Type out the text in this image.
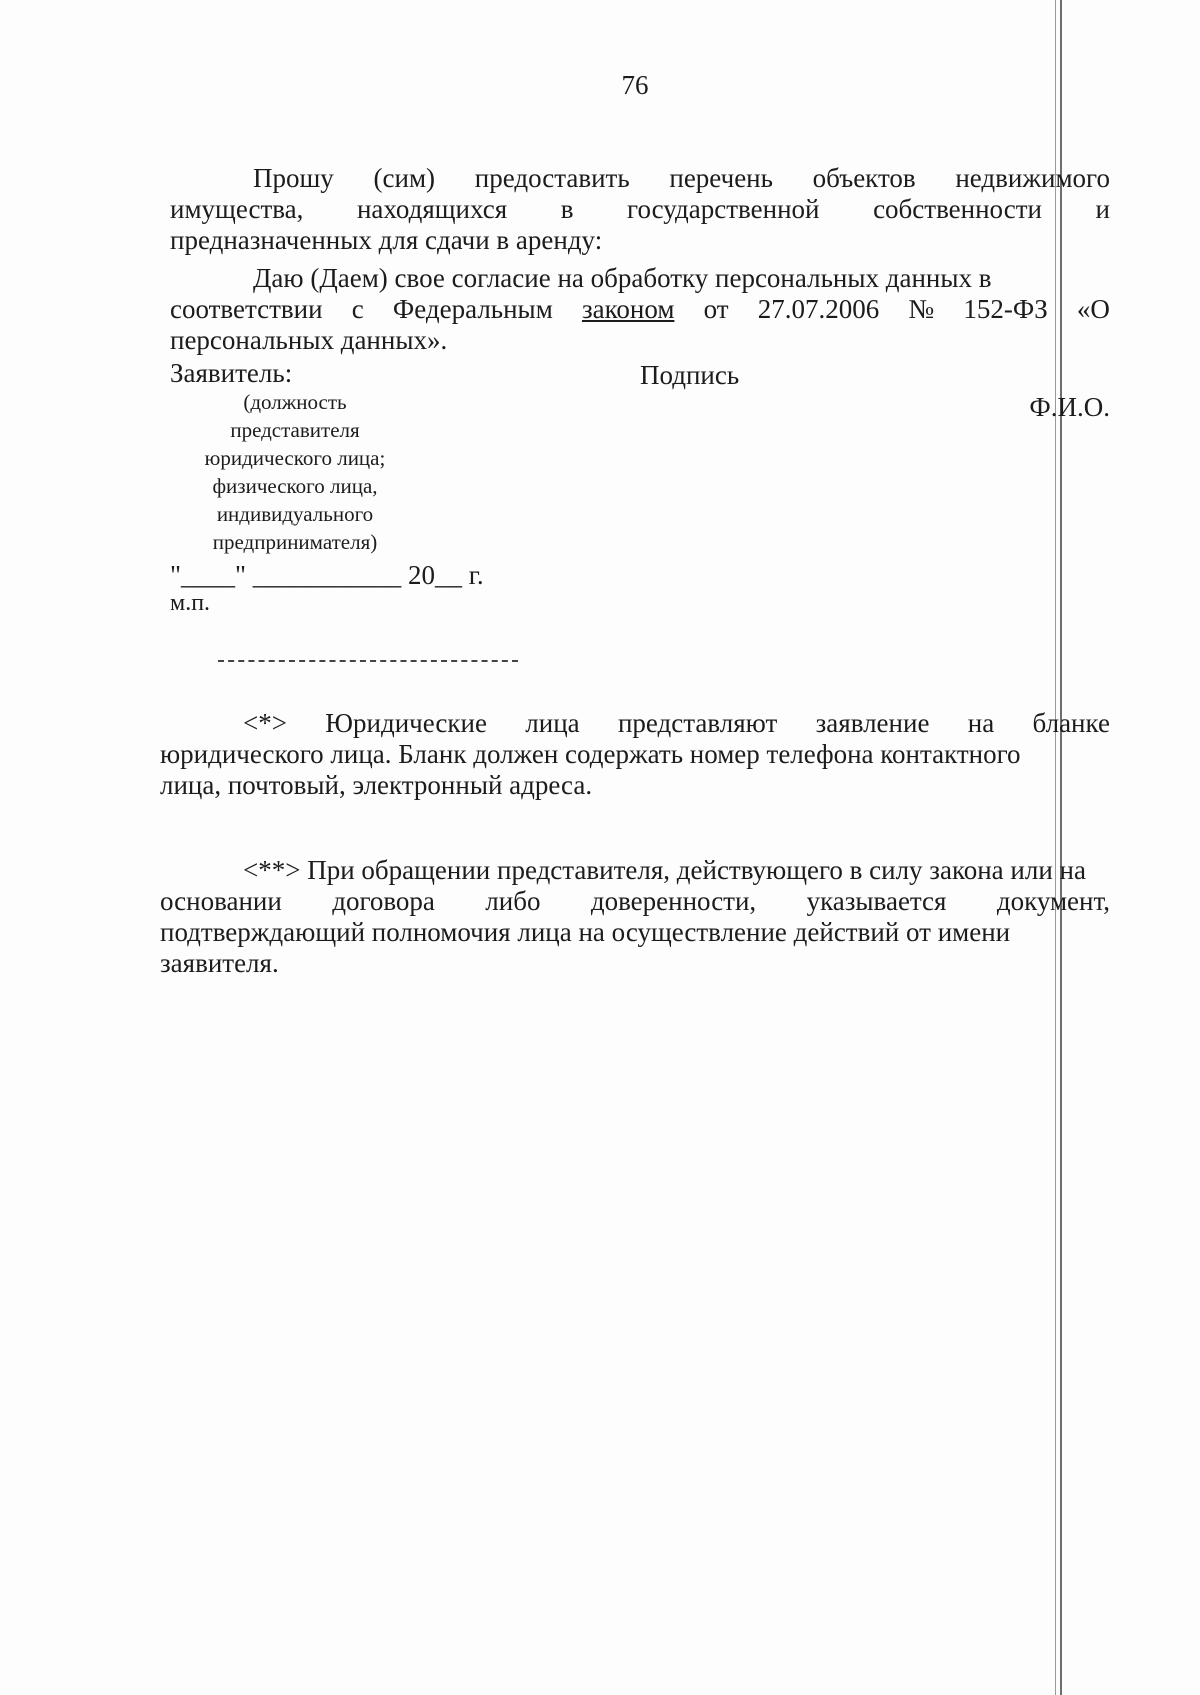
76
Прошу (сим) предоставить перечень объектов недвижимого
имущества, находящихся в государственной собственности и
предназначенных для сдачи в аренду:
Даю (Даем) свое согласие на обработку персональных данных в
соответствии с Федеральным законом от 27.07.2006 № 152-ФЗ «О
персональных данных».
Заявитель:	Подпись
Ф.И.О.
(должность
представителя
юридического лица;
физического лица,
индивидуального
предпринимателя)
"____" ___________ 20__ г.
м.п.
<*> Юридические лица представляют заявление на бланке
юридического лица. Бланк должен содержать номер телефона контактного
лица, почтовый, электронный адреса.
<**> При обращении представителя, действующего в силу закона или на
основании договора либо доверенности, указывается документ,
подтверждающий полномочия лица на осуществление действий от имени
заявителя.
